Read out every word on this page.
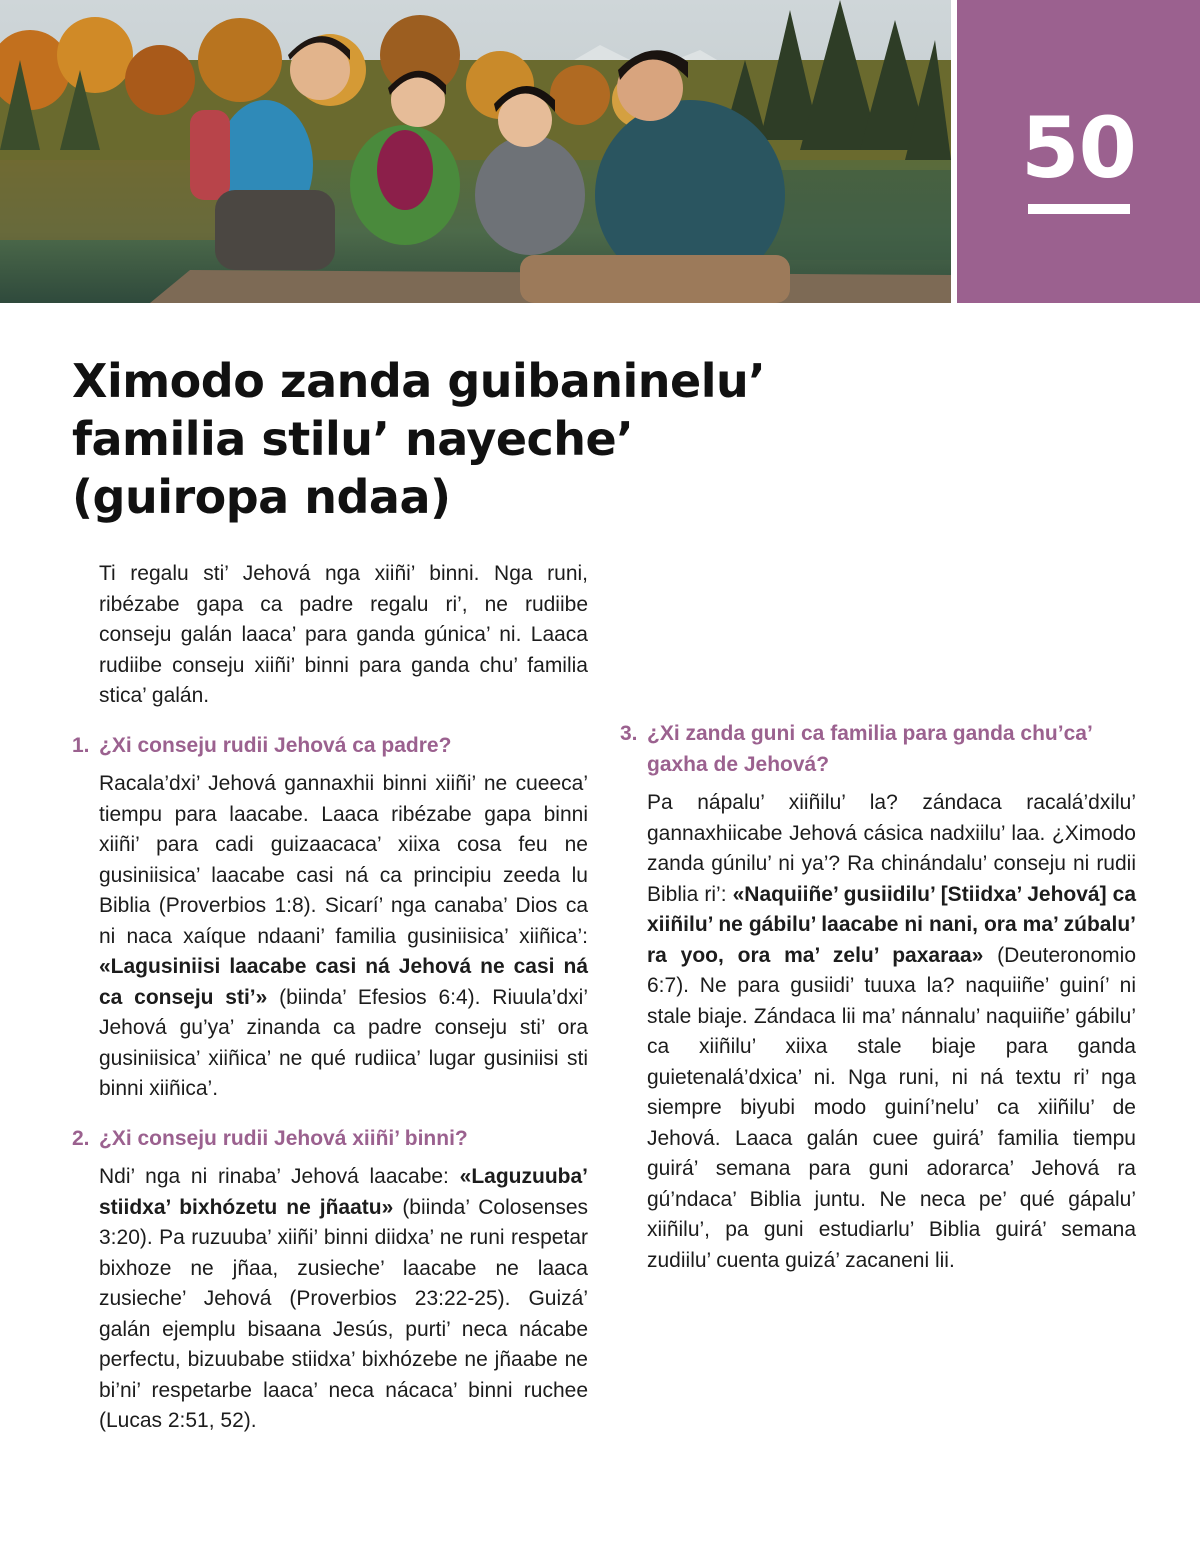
50
Ximodo zanda guibaninelu’
familia stilu’ nayeche’
(guiropa ndaa)

Ti regalu sti’ Jehová nga xiiñi’ binni. Nga runi, ribézabe gapa ca padre regalu ri’, ne rudiibe conseju galán laaca’ para ganda gúnica’ ni. Laaca rudiibe conseju xiiñi’ binni para ganda chu’ familia stica’ galán.

1. ¿Xi conseju rudii Jehová ca padre?

Racala’dxi’ Jehová gannaxhii binni xiiñi’ ne cueeca’ tiempu para laacabe. Laaca ribézabe gapa binni xiiñi’ para cadi guizaacaca’ xiixa cosa feu ne gusiniisica’ laacabe casi ná ca principiu zeeda lu Biblia (Proverbios 1:8). Sicarí’ nga canaba’ Dios ca ni naca xaíque ndaani’ familia gusiniisica’ xiiñica’: «Lagusiniisi laacabe casi ná Jehová ne casi ná ca conseju sti’» (biinda’ Efesios 6:4). Riuula’dxi’ Jehová gu’ya’ zinanda ca padre conseju sti’ ora gusiniisica’ xiiñica’ ne qué rudiica’ lugar gusiniisi sti binni xiiñica’.

2. ¿Xi conseju rudii Jehová xiiñi’ binni?

Ndi’ nga ni rinaba’ Jehová laacabe: «Laguzuuba’ stiidxa’ bixhózetu ne jñaatu» (biinda’ Colosenses 3:20). Pa ruzuuba’ xiiñi’ binni diidxa’ ne runi respetar bixhoze ne jñaa, zusieche’ laacabe ne laaca zusieche’ Jehová (Proverbios 23:22-25). Guizá’ galán ejemplu bisaana Jesús, purti’ neca nácabe perfectu, bizuubabe stiidxa’ bixhózebe ne jñaabe ne bi’ni’ respetarbe laaca’ neca nácaca’ binni ruchee (Lucas 2:51, 52).

3. ¿Xi zanda guni ca familia para ganda chu’ca’ gaxha de Jehová?

Pa nápalu’ xiiñilu’ la? zándaca racalá’dxilu’ gannaxhiicabe Jehová cásica nadxiilu’ laa. ¿Ximodo zanda gúnilu’ ni ya’? Ra chinándalu’ conseju ni rudii Biblia ri’: «Naquiiñe’ gusiidilu’ [Stiidxa’ Jehová] ca xiiñilu’ ne gábilu’ laacabe ni nani, ora ma’ zúbalu’ ra yoo, ora ma’ zelu’ paxaraa» (Deuteronomio 6:7). Ne para gusiidi’ tuuxa la? naquiiñe’ guiní’ ni stale biaje. Zándaca lii ma’ nánnalu’ naquiiñe’ gábilu’ ca xiiñilu’ xiixa stale biaje para ganda guietenalá’dxica’ ni. Nga runi, ni ná textu ri’ nga siempre biyubi modo guiní’nelu’ ca xiiñilu’ de Jehová. Laaca galán cuee guirá’ familia tiempu guirá’ semana para guni adorarca’ Jehová ra gú’ndaca’ Biblia juntu. Ne neca pe’ qué gápalu’ xiiñilu’, pa guni estudiarlu’ Biblia guirá’ semana zudiilu’ cuenta guizá’ zacaneni lii.
